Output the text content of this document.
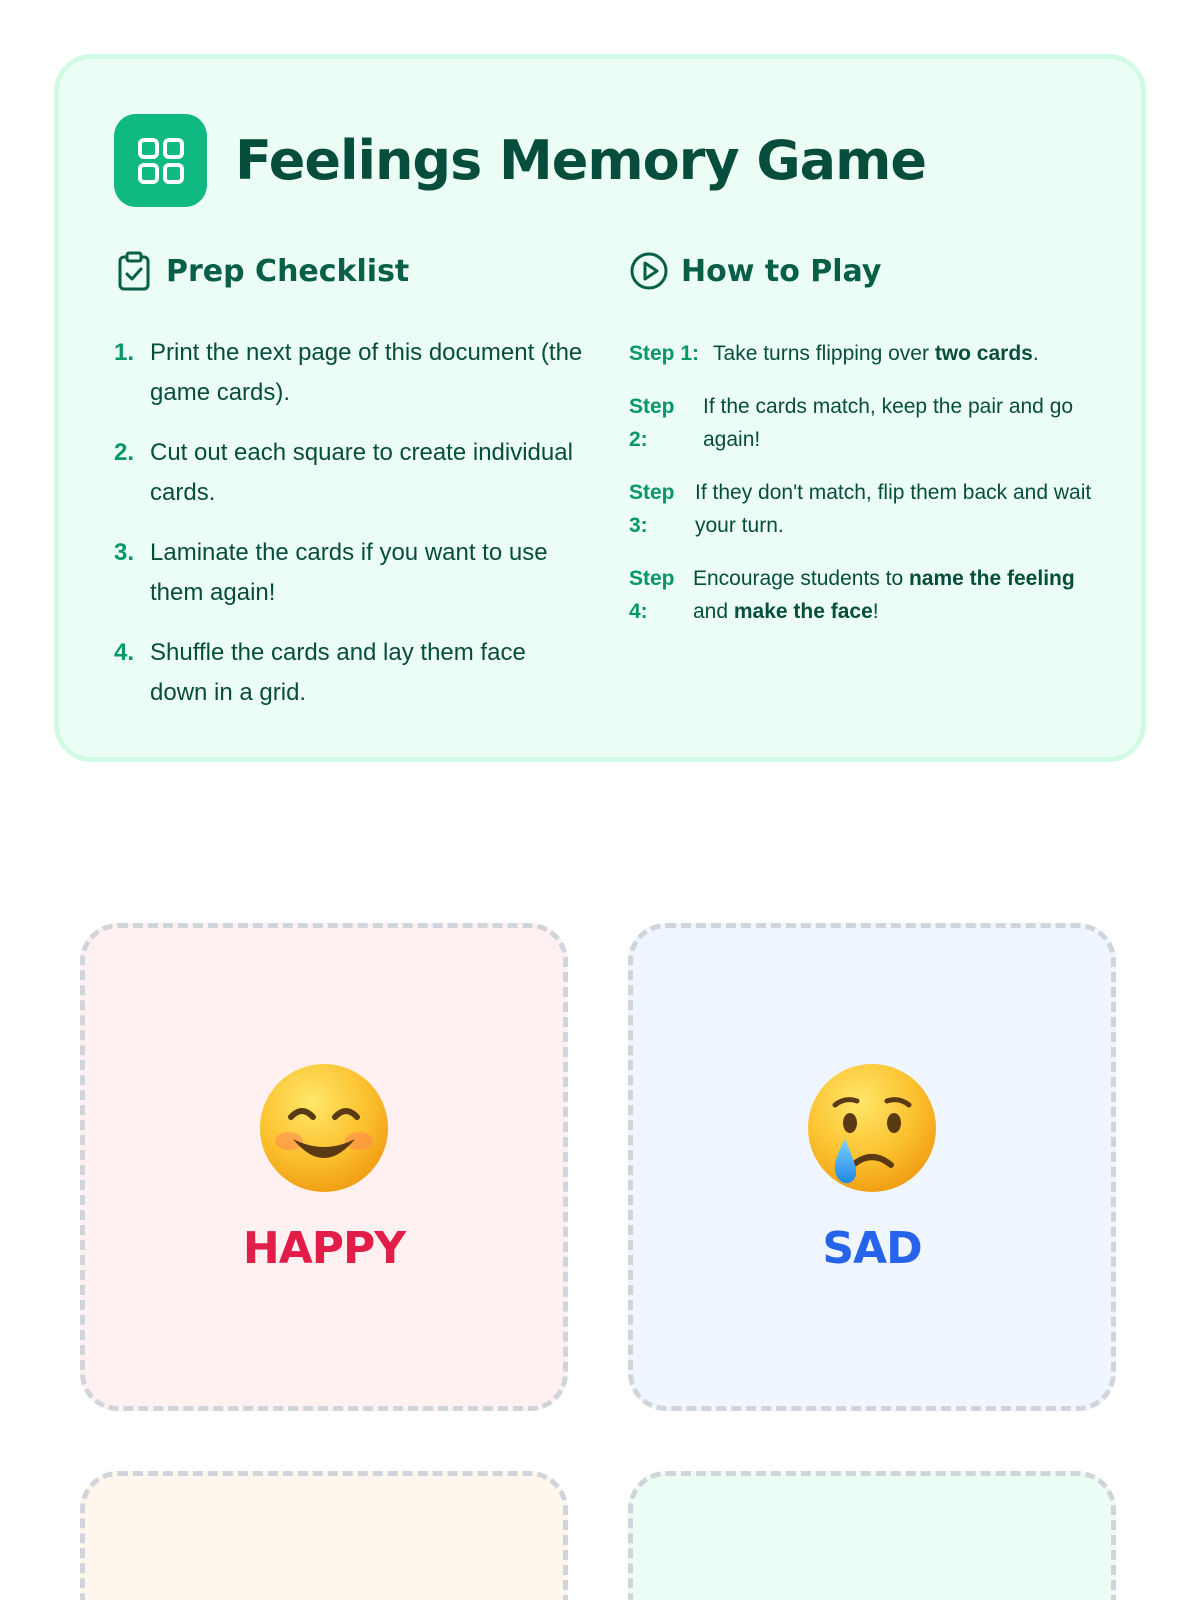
Feelings Memory Game
Prep Checklist
1. Print the next page of this document (the game cards).
2. Cut out each square to create individual cards.
3. Laminate the cards if you want to use them again!
4. Shuffle the cards and lay them face down in a grid.
How to Play
Step 1: Take turns flipping over two cards.
Step 2:
If the cards match, keep the pair and go again!
Step 3:
If they don't match, flip them back and wait your turn.
Step 4:
Encourage students to name the feeling and make the face!
HAPPY	SAD
